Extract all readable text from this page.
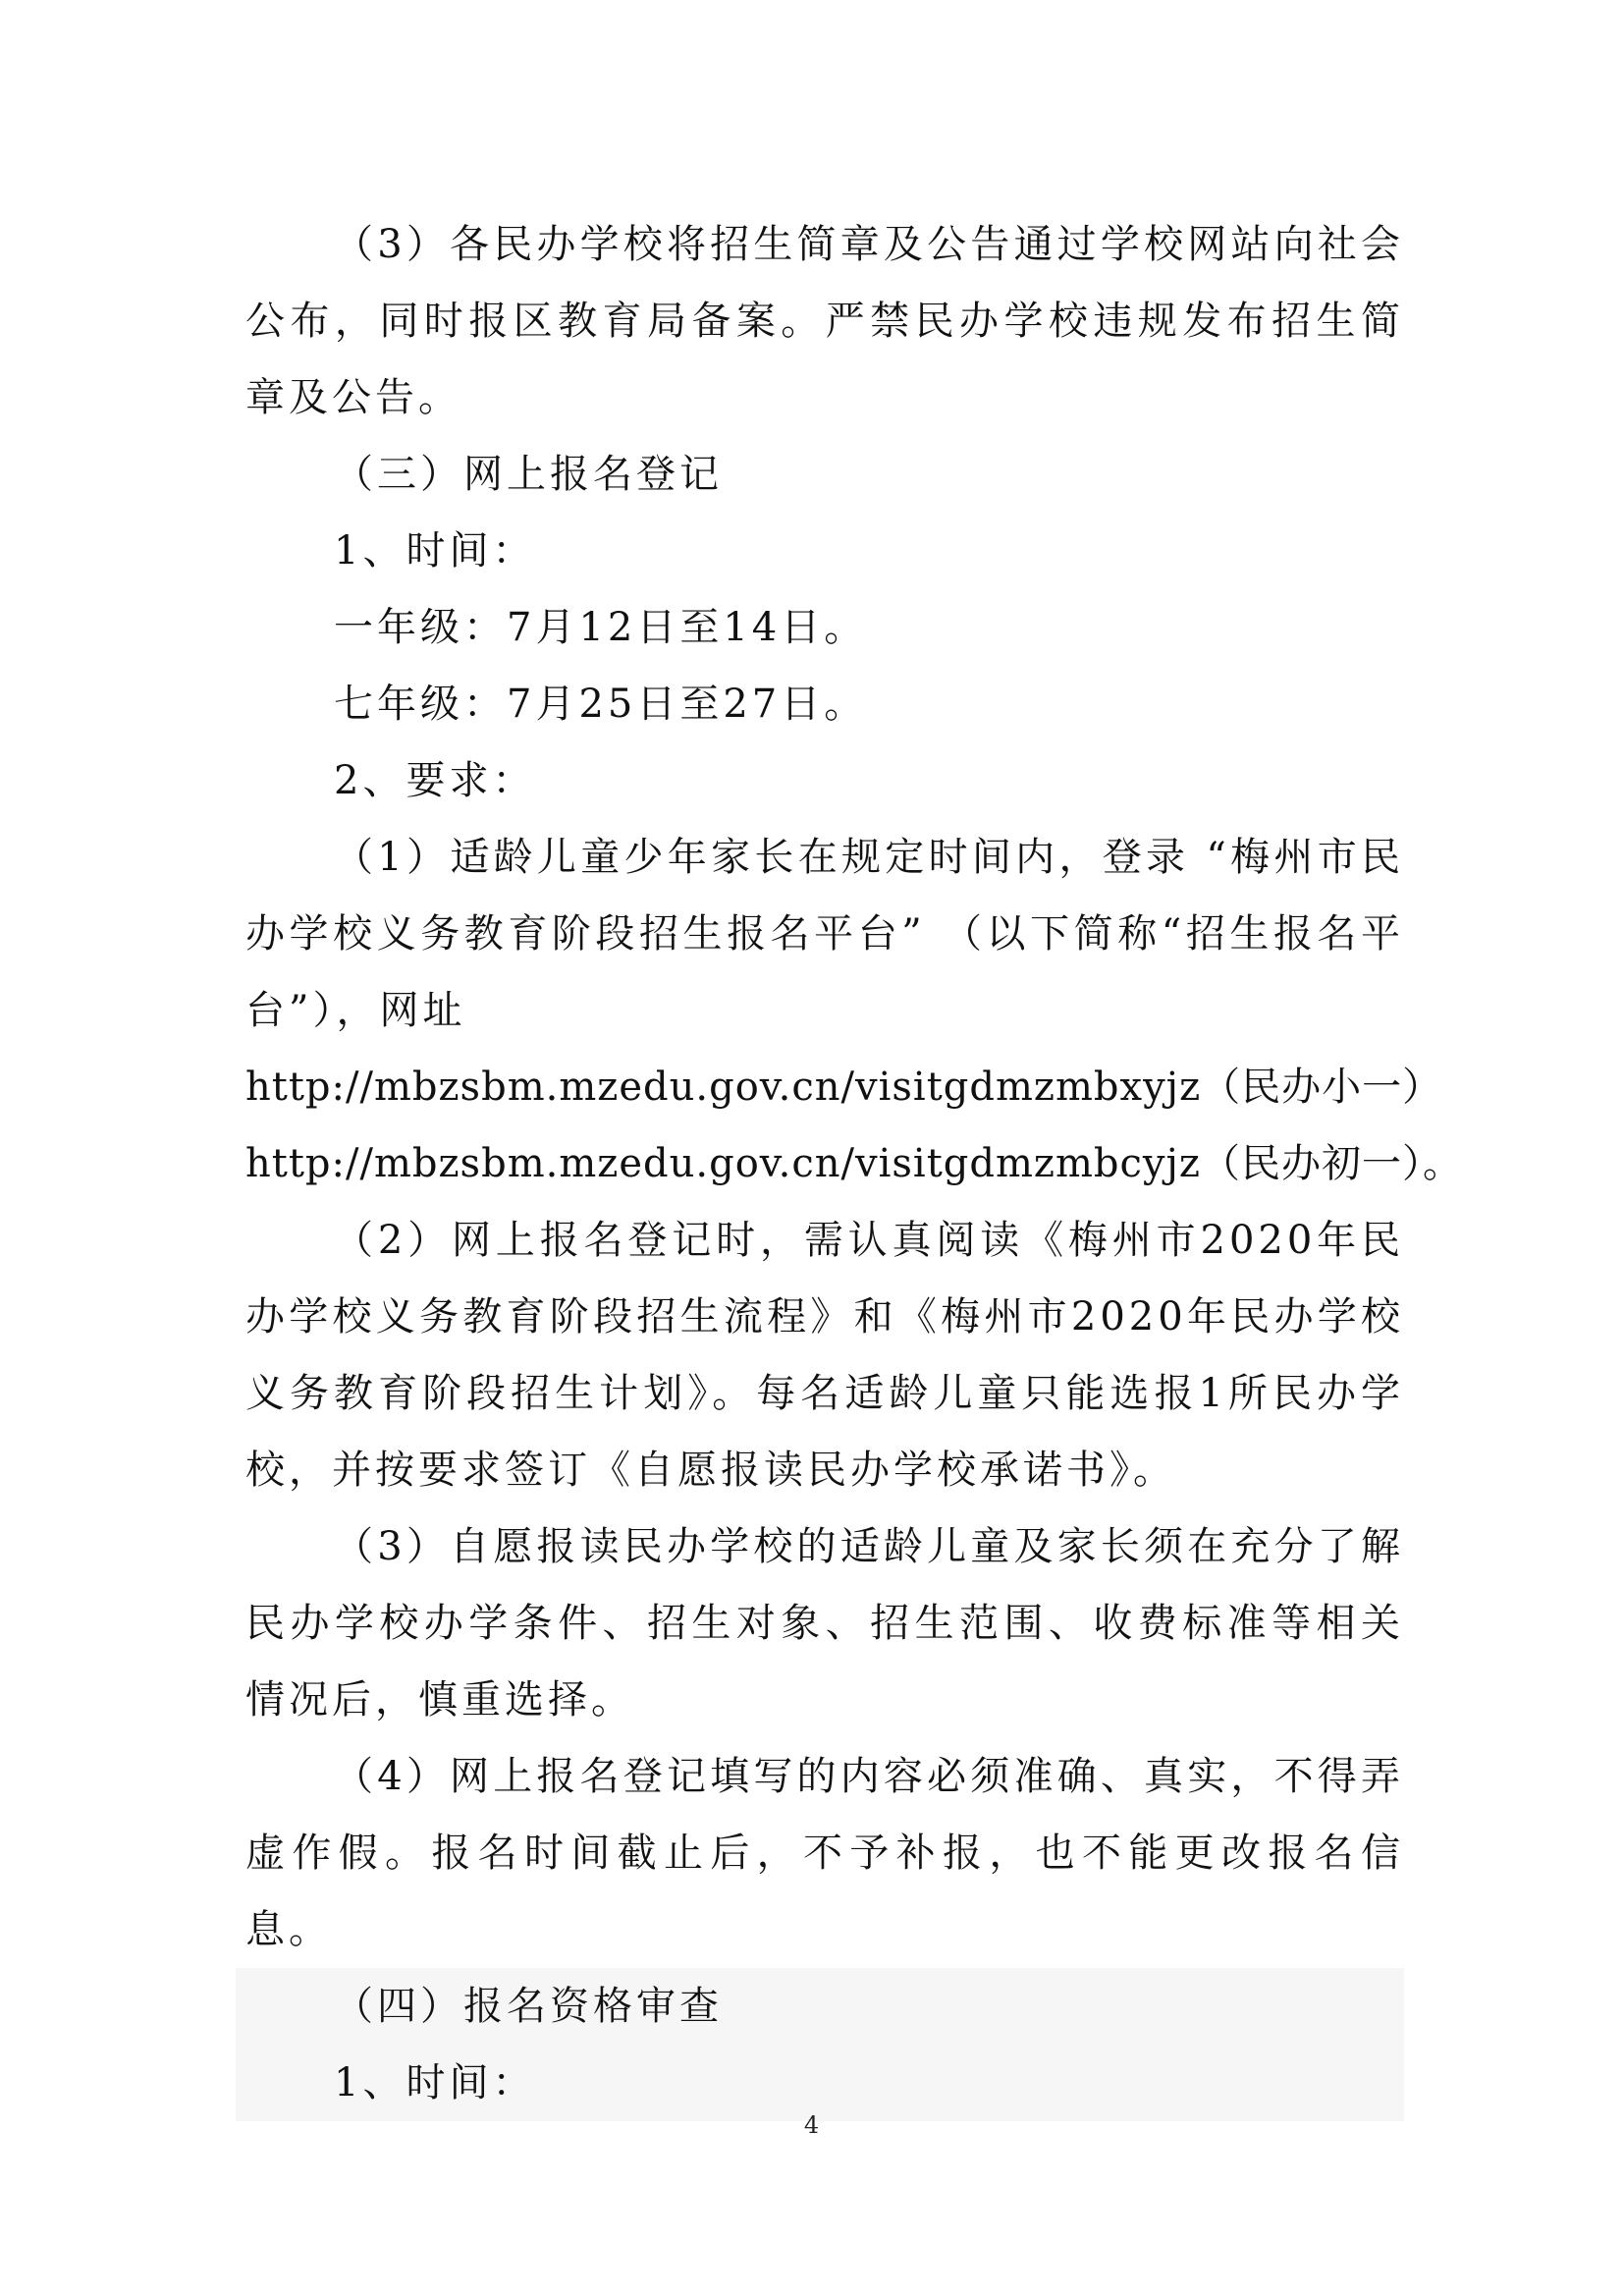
（3）各民办学校将招生简章及公告通过学校网站向社会公布，同时报区教育局备案。严禁民办学校违规发布招生简章及公告。

（三）网上报名登记

1、时间：

一年级：7月12日至14日。

七年级：7月25日至27日。

2、要求：

（1）适龄儿童少年家长在规定时间内，登录 “梅州市民办学校义务教育阶段招生报名平台” （以下简称“招生报名平台”），网址

http://mbzsbm.mzedu.gov.cn/visitgdmzmbxyjz（民办小一）

http://mbzsbm.mzedu.gov.cn/visitgdmzmbcyjz（民办初一）。

（2）网上报名登记时，需认真阅读《梅州市2020年民办学校义务教育阶段招生流程》和《梅州市2020年民办学校义务教育阶段招生计划》。每名适龄儿童只能选报1所民办学校，并按要求签订《自愿报读民办学校承诺书》。

（3）自愿报读民办学校的适龄儿童及家长须在充分了解民办学校办学条件、招生对象、招生范围、收费标准等相关情况后，慎重选择。

（4）网上报名登记填写的内容必须准确、真实，不得弄虚作假。报名时间截止后，不予补报，也不能更改报名信息。

（四）报名资格审查

1、时间：

4
